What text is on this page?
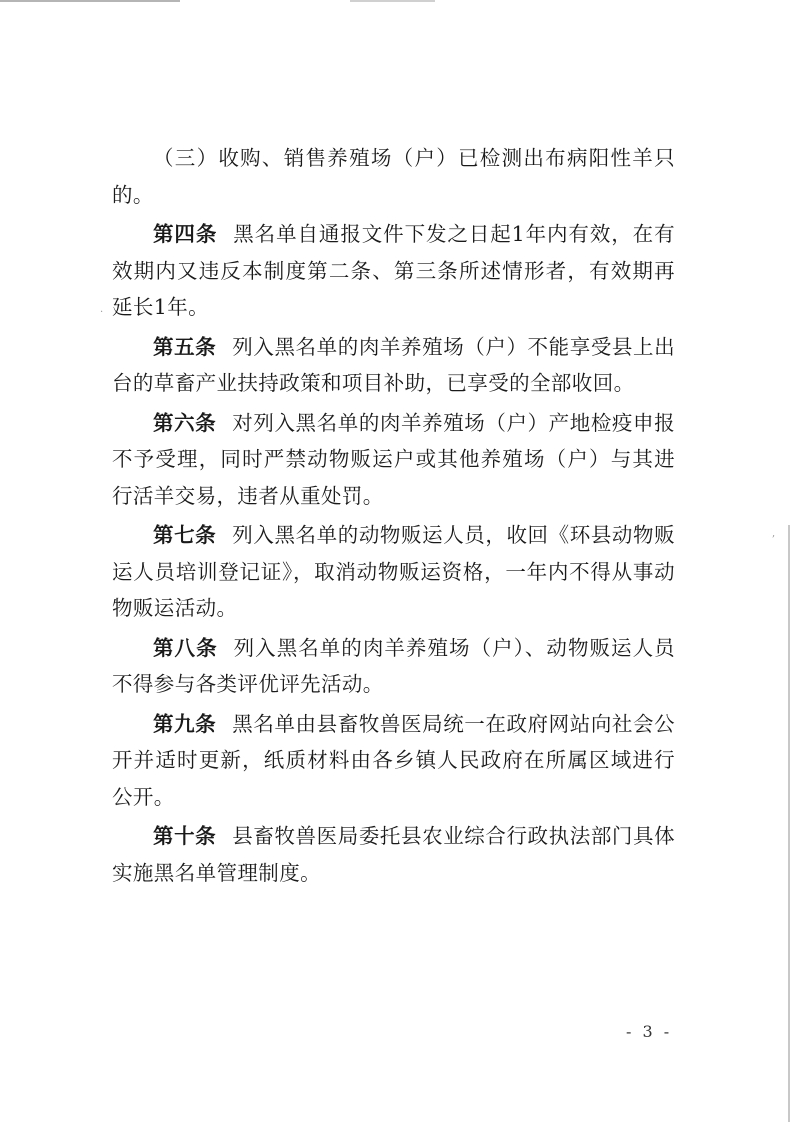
.
,

（三）收购、销售养殖场（户）已检测出布病阳性羊只的。

第四条 黑名单自通报文件下发之日起1年内有效，在有效期内又违反本制度第二条、第三条所述情形者，有效期再延长1年。

第五条 列入黑名单的肉羊养殖场（户）不能享受县上出台的草畜产业扶持政策和项目补助，已享受的全部收回。

第六条 对列入黑名单的肉羊养殖场（户）产地检疫申报不予受理，同时严禁动物贩运户或其他养殖场（户）与其进行活羊交易，违者从重处罚。

第七条 列入黑名单的动物贩运人员，收回《环县动物贩运人员培训登记证》，取消动物贩运资格，一年内不得从事动物贩运活动。

第八条 列入黑名单的肉羊养殖场（户）、动物贩运人员不得参与各类评优评先活动。

第九条 黑名单由县畜牧兽医局统一在政府网站向社会公开并适时更新，纸质材料由各乡镇人民政府在所属区域进行公开。

第十条 县畜牧兽医局委托县农业综合行政执法部门具体实施黑名单管理制度。

- 3 -
